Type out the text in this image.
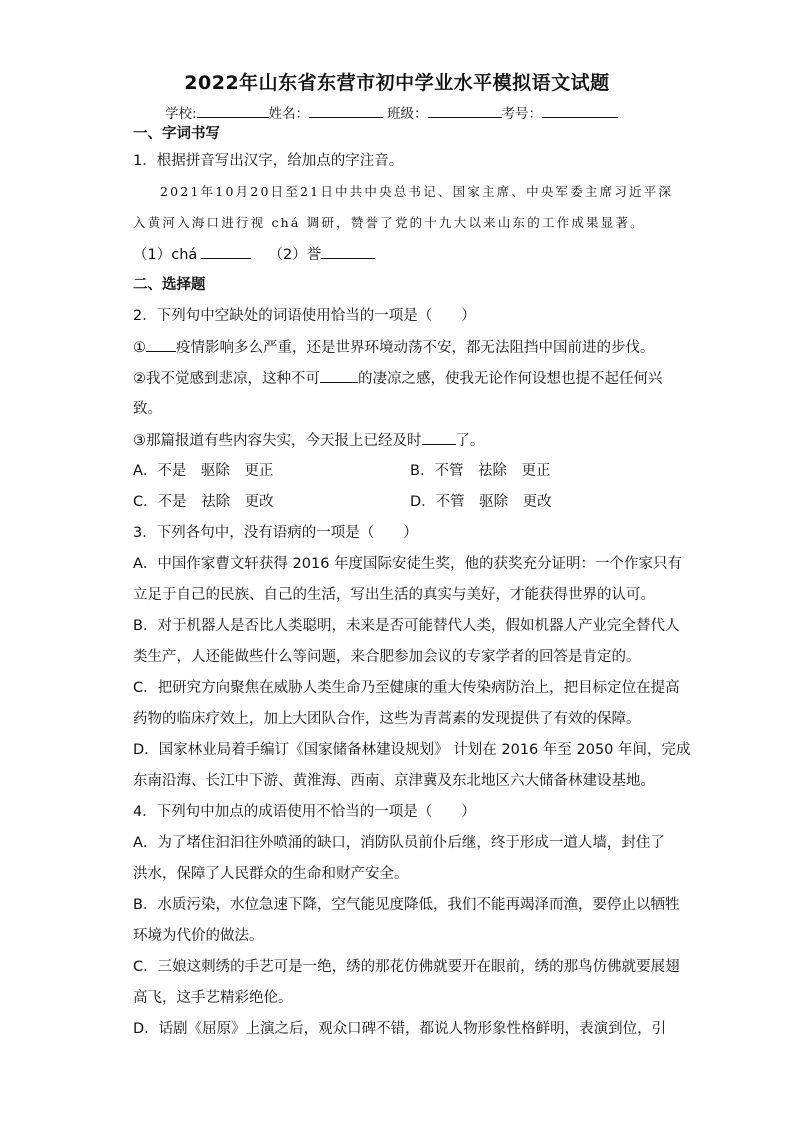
2022年山东省东营市初中学业水平模拟语文试题
学校:	姓名：	班级：	考号：
一、字词书写
1．根据拼音写出汉字，给加点的字注音。
2021年10月20日至21日中共中央总书记、国家主席、中央军委主席习近平深
入黄河入海口进行视 chá 调研，赞誉了党的十九大以来山东的工作成果显著。
（1）chá	（2）誉
二、选择题
2．下列句中空缺处的词语使用恰当的一项是（　　）
① 疫情影响多么严重，还是世界环境动荡不安，都无法阻挡中国前进的步伐。
②我不觉感到悲凉，这种不可	的凄凉之感，使我无论作何设想也提不起任何兴
致。
③那篇报道有些内容失实，今天报上已经及时 了。
A．不是　驱除　更正	B．不管　祛除　更正
C．不是　祛除　更改	D．不管　驱除　更改
3．下列各句中，没有语病的一项是（　　）
A．中国作家曹文轩获得 2016 年度国际安徒生奖，他的获奖充分证明：一个作家只有
立足于自己的民族、自己的生活，写出生活的真实与美好，才能获得世界的认可。
B．对于机器人是否比人类聪明，未来是否可能替代人类，假如机器人产业完全替代人
类生产，人还能做些什么等问题，来合肥参加会议的专家学者的回答是肯定的。
C．把研究方向聚焦在威胁人类生命乃至健康的重大传染病防治上，把目标定位在提高
药物的临床疗效上，加上大团队合作，这些为青蒿素的发现提供了有效的保障。
D．国家林业局着手编订《国家储备林建设规划》 计划在 2016 年至 2050 年间，完成
东南沿海、长江中下游、黄淮海、西南、京津冀及东北地区六大储备林建设基地。
4．下列句中加点的成语使用不恰当的一项是（　　）
A．为了堵住汩汩往外喷涌的缺口，消防队员前仆后继，终于形成一道人墙，封住了
洪水，保障了人民群众的生命和财产安全。
B．水质污染，水位急速下降，空气能见度降低，我们不能再竭泽而渔，要停止以牺牲
环境为代价的做法。
C．三娘这刺绣的手艺可是一绝，绣的那花仿佛就要开在眼前，绣的那鸟仿佛就要展翅
高飞，这手艺精彩绝伦。
D．话剧《屈原》上演之后，观众口碑不错，都说人物形象性格鲜明，表演到位，引
